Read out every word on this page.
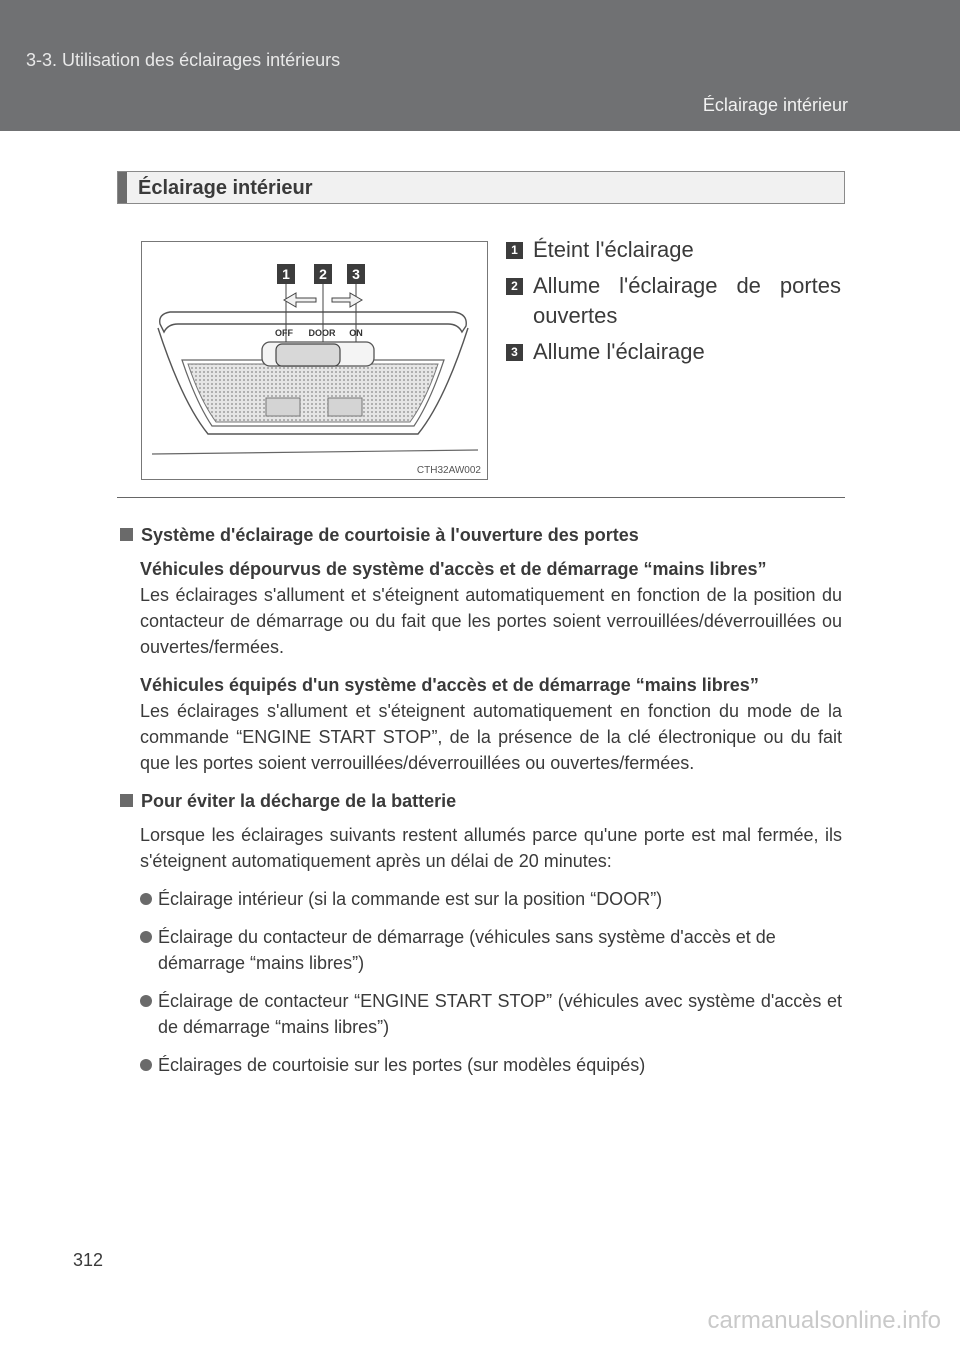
3-3. Utilisation des éclairages intérieurs
Éclairage intérieur
Éclairage intérieur
1 2 3
OFF DOOR ON
CTH32AW002
1 Éteint l'éclairage
2 Allume l'éclairage de portes
ouvertes
3 Allume l'éclairage
Système d'éclairage de courtoisie à l'ouverture des portes
Véhicules dépourvus de système d'accès et de démarrage “mains libres”
Les éclairages s'allument et s'éteignent automatiquement en fonction de la position du contacteur de démarrage ou du fait que les portes soient verrouillées/déverrouillées ou ouvertes/fermées.
Véhicules équipés d'un système d'accès et de démarrage “mains libres”
Les éclairages s'allument et s'éteignent automatiquement en fonction du mode de la commande “ENGINE START STOP”, de la présence de la clé électronique ou du fait que les portes soient verrouillées/déverrouillées ou ouvertes/fermées.
Pour éviter la décharge de la batterie
Lorsque les éclairages suivants restent allumés parce qu'une porte est mal fermée, ils s'éteignent automatiquement après un délai de 20 minutes:
Éclairage intérieur (si la commande est sur la position “DOOR”)
Éclairage du contacteur de démarrage (véhicules sans système d'accès et de démarrage “mains libres”)
Éclairage de contacteur “ENGINE START STOP” (véhicules avec système d'accès et de démarrage “mains libres”)
Éclairages de courtoisie sur les portes (sur modèles équipés)
312
carmanualsonline.info
